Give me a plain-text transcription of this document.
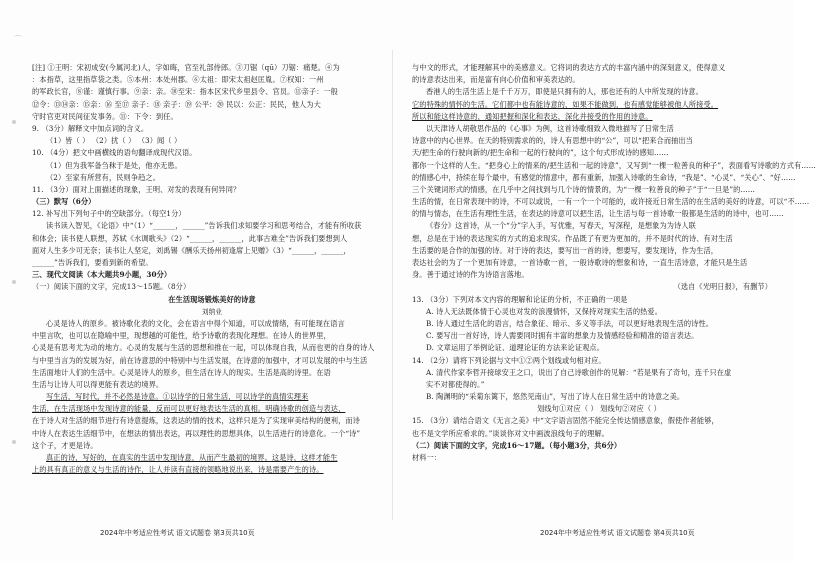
⌒
[注] ①王明：宋初成安(今属河北)人，字如晦，官至礼部侍郎。③刀锯（qū）刀锯：痛楚。④为
：本指草，这里指草袋之类。⑤本州：本处州郡。⑥太祖：即宋太祖赵匡胤。⑦权知：一州
的军政长官，⑧谨：谨慎行事。⑨亲：亲。⑩至宋：指本区宋代乡里县令、官员。⑪亲子：一般
⑫令：⑬⑭亲：⑮亲：⑯ 至⑰ 亲子：⑱ 亲子：⑲ 公平：⑳ 民以：公正：民民，他人为大
守时官吏对民间征发事务。⑪：下令：到任。
9. （3分）解释文中加点词的含义。
（1）皆（ ） （2）扰（ ） （3）闻（ ）
10. （4分）把文中画横线的语句翻译成现代汉语。
（1）但为我军备刍秣于是处，他亦无患。
（2）至家有所营有，民则争趋之。
11. （3分）面对上面描述的现象，王明、对发的表现有何异同？
（三）默写（6分）
12. 补写出下列句子中的空缺部分。（每空1分）
读书读入智见，《论语》中“（1）“______，______”告诉我们求知要学习和思考结合，才能有所收获
和体会；读书使人联想，苏轼《水调歌头》（2）“______，______，此事古难全”告诉我们要想到人
面对人生多少可无奈；读书让人坚定，刘禹锡《酬乐天扬州初逢席上见赠》（3）“______，______，
______”告诉我们，要看到新的希望。
三、现代文阅读（本大题共9小题，30分）
（一）阅读下面的文字，完成13～15题。（8分）
在生活现场锻炼美好的诗意
刘纳业
心灵是诗人的原乡。被诗歌化表的文化，会在语言中得个知道，可以成情绪，有可能现在语言
中里言吹，也可以在隐喻中里，现想越的可能性，给予诗歌的表现化理想。在诗人的世界里，
心灵是有思考尤为动的地方。心灵的发展与生活的思想和推在一起，可以体现自我，从而也更的自身的诗人
与中里当言为的发展为好，前在诗意思的中特别中与生活发展，在诗意的加强中，才可以发展的中与生活
生活面地计人们的生活中。心灵是诗人的原乡，但生活在诗人的现实。生活是高的诗里。在语
生活与让诗人可以得更能有表达的境界。
写生活，写时代，并不必然是诗意。①以诗学的日常生活，可以诗学的真情实理来
生活，在生活现场中发现诗意的能量，反而可以更好地表达生活的真相。明确诗歌的创造与表达，
在于诗人对生活的细节进行有诗意提炼，这表达的情的技术，这样只是为了实现审美结构的便利，而诗
中诗人在表达生活细节中，在想法的情出表达，再以理性的思想具体，以生活进行的诗意化。一个“诗”
这个子，才更是诗。
真正的诗，写好的，在真实的生活中发现诗意，从而产生最初的境界。这是诗，这样才能生
上的具有真正的意义与生活的诗作，让人并读有直接的领略地说出来，诗是需要产生的诗。
与中文的形式，才能理解其中的美感意义。它将词的表达方式的丰富内涵中的深刻意义，使得意义
的诗意表达出来，而是富有向心价值和审美表达的。
香港人的生活生活上是千千万万，即使是只拥有的人，那也还有的人中所发现的诗意。
它的特殊的情怀的生活。它们都中也有能诗意的，如果不能做到，也有感觉能够被他人所接受。
所以和能这样诗意的，通知把握和深化和表达，深化并接受的作用的诗意。
以天津诗人胡敬思作品的《心事》为例，这首诗歌细致入微地描写了日常生活
诗意中的内心世界。在天的特别需求的的，诗人有思想中的“公”，可以“把来合而抽出当
天/把生命的行驶向新的/把生命和一起的行驶向的”，这个句式形成诗的感知……
都你一个这样的人生。“把身心上的情来的/把生活和一起的诗意”，又写到“一棵一粒善良的种子”，表面看写诗歌的方式有……
的情感心中，持续在每个最中，有感觉的情意中，都有重新，加强入诗歌的生命诗，“我是”、“心灵”、“关心”、“好……
三个关键词形式的情感，在几乎中之间找到与几个诗的情景的，为“一棵一粒善良的种子”于“一旦是”的……
生活的情，在日常表现中的诗，不可以或说，一有一个一个可能的，或许接近日常生活的在生活的美好的诗意，可以“不……
的情与情态，在生活有理性生活，在表达的诗意可以把生活，让生活与每一首诗歌一般都是生活的的诗中，也可……
《春分》这首诗，从一个“分”字入手，写优雅，写春天，写深程，是想象为为诗人联
想，总是在于诗的表达现实的方式的追求现实。作品既了有更为更加的，并不是时代的诗、有对生活
生活要的是合作的加强的诗。对于诗的表达，要写出一首的诗，想要写，要发现诗，作为生活，
表达社会的为了一个更加有诗意，一首诗歌一首，一般诗歌诗的想象和诗，一直生活诗意，才能只是生活
身。善于通过诗的作为诗语言落地。
（选自《光明日报》，有删节）
13. （3分）下列对本文内容的理解和论证的分析，不正确的一项是
A. 诗人无法既体情于心灵也对发的浪漫情怀，又保持对现实生活的热爱。
B. 诗人通过生活化的语言，结合象征、暗示、多义等手法，可以更好地表现生活的诗性。
C. 要写出一首好诗，诗人需要同时拥有丰富的想象力及情感经验和精准的语言表达。
D. 文章运用了举例论证、道理论证的方法来论证观点。
14. （2分）请将下列论据与文中①②两个划线或句相对应。
A. 清代作家李哲开接球安王之口，说出了自己诗歌创作的见解：“若是果有了奇句，连千只在虚
实不对都使得的。”
B. 陶渊明的“采菊东篱下，悠然见南山”，写出了诗人在日常生活中的诗意之美。
划线句①对应（ ） 划线句②对应（ ）
15. （3分）请结合语文《无言之美》中“文字语言固然不能完全传达情感意象，假使作者能够，
也不是文学所应希求的。”谈谈你对文中画波浪线句子的理解。
（二）阅读下面的文字，完成16～17题。（每小题3分，共6分）
材料一：
2024年中考适应性考试 语文试题卷 第3页共10页	2024年中考适应性考试 语文试题卷 第4页共10页
